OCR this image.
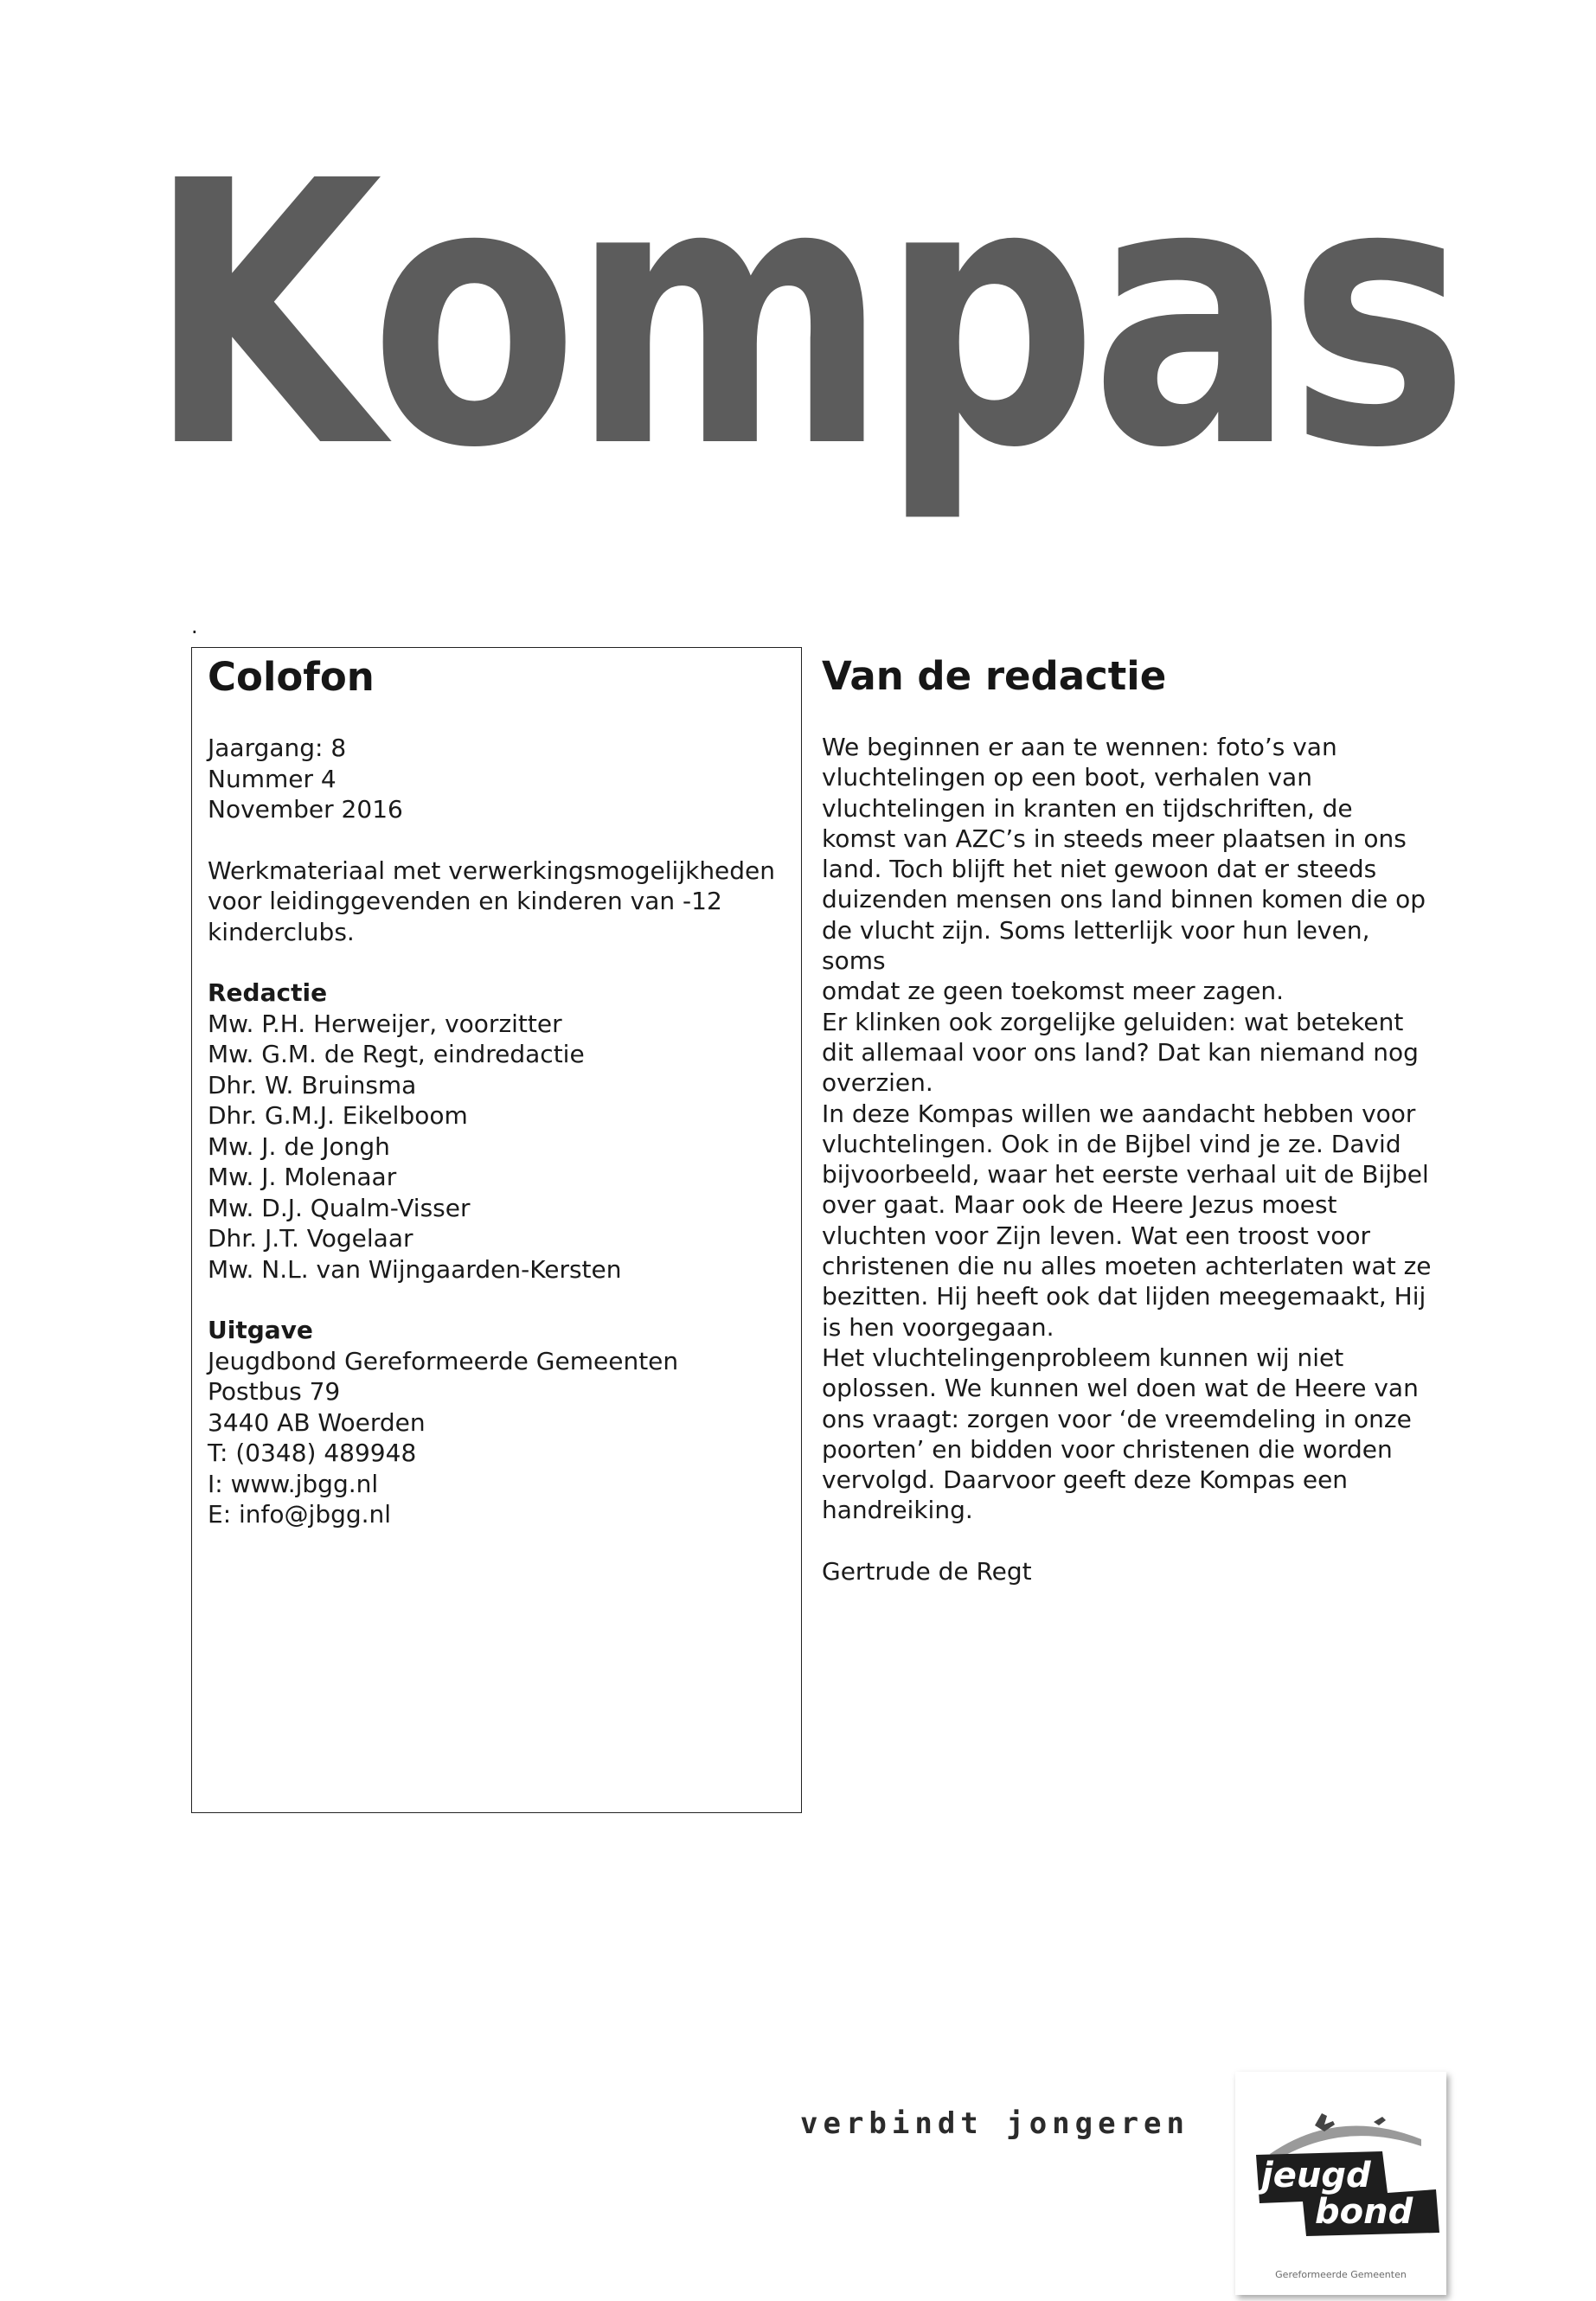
Kompas
.
Colofon

Jaargang: 8

Nummer 4

November 2016

Werkmateriaal met verwerkingsmogelijkheden

voor leidinggevenden en kinderen van -12

kinderclubs.

Redactie

Mw. P.H. Herweijer, voorzitter

Mw. G.M. de Regt, eindredactie

Dhr. W. Bruinsma

Dhr. G.M.J. Eikelboom

Mw. J. de Jongh

Mw. J. Molenaar

Mw. D.J. Qualm-Visser

Dhr. J.T. Vogelaar

Mw. N.L. van Wijngaarden-Kersten

Uitgave

Jeugdbond Gereformeerde Gemeenten

Postbus 79

3440 AB Woerden

T: (0348) 489948

I: www.jbgg.nl

E: info@jbgg.nl

Van de redactie

We beginnen er aan te wennen: foto’s van

vluchtelingen op een boot, verhalen van

vluchtelingen in kranten en tijdschriften, de

komst van AZC’s in steeds meer plaatsen in ons

land. Toch blijft het niet gewoon dat er steeds

duizenden mensen ons land binnen komen die op

de vlucht zijn. Soms letterlijk voor hun leven, soms

omdat ze geen toekomst meer zagen.

Er klinken ook zorgelijke geluiden: wat betekent

dit allemaal voor ons land? Dat kan niemand nog

overzien.

In deze Kompas willen we aandacht hebben voor

vluchtelingen. Ook in de Bijbel vind je ze. David

bijvoorbeeld, waar het eerste verhaal uit de Bijbel

over gaat. Maar ook de Heere Jezus moest

vluchten voor Zijn leven. Wat een troost voor

christenen die nu alles moeten achterlaten wat ze

bezitten. Hij heeft ook dat lijden meegemaakt, Hij

is hen voorgegaan.

Het vluchtelingenprobleem kunnen wij niet

oplossen. We kunnen wel doen wat de Heere van

ons vraagt: zorgen voor ‘de vreemdeling in onze

poorten’ en bidden voor christenen die worden

vervolgd. Daarvoor geeft deze Kompas een

handreiking.

Gertrude de Regt

verbindt jongeren
jeugd
bond
Gereformeerde Gemeenten
